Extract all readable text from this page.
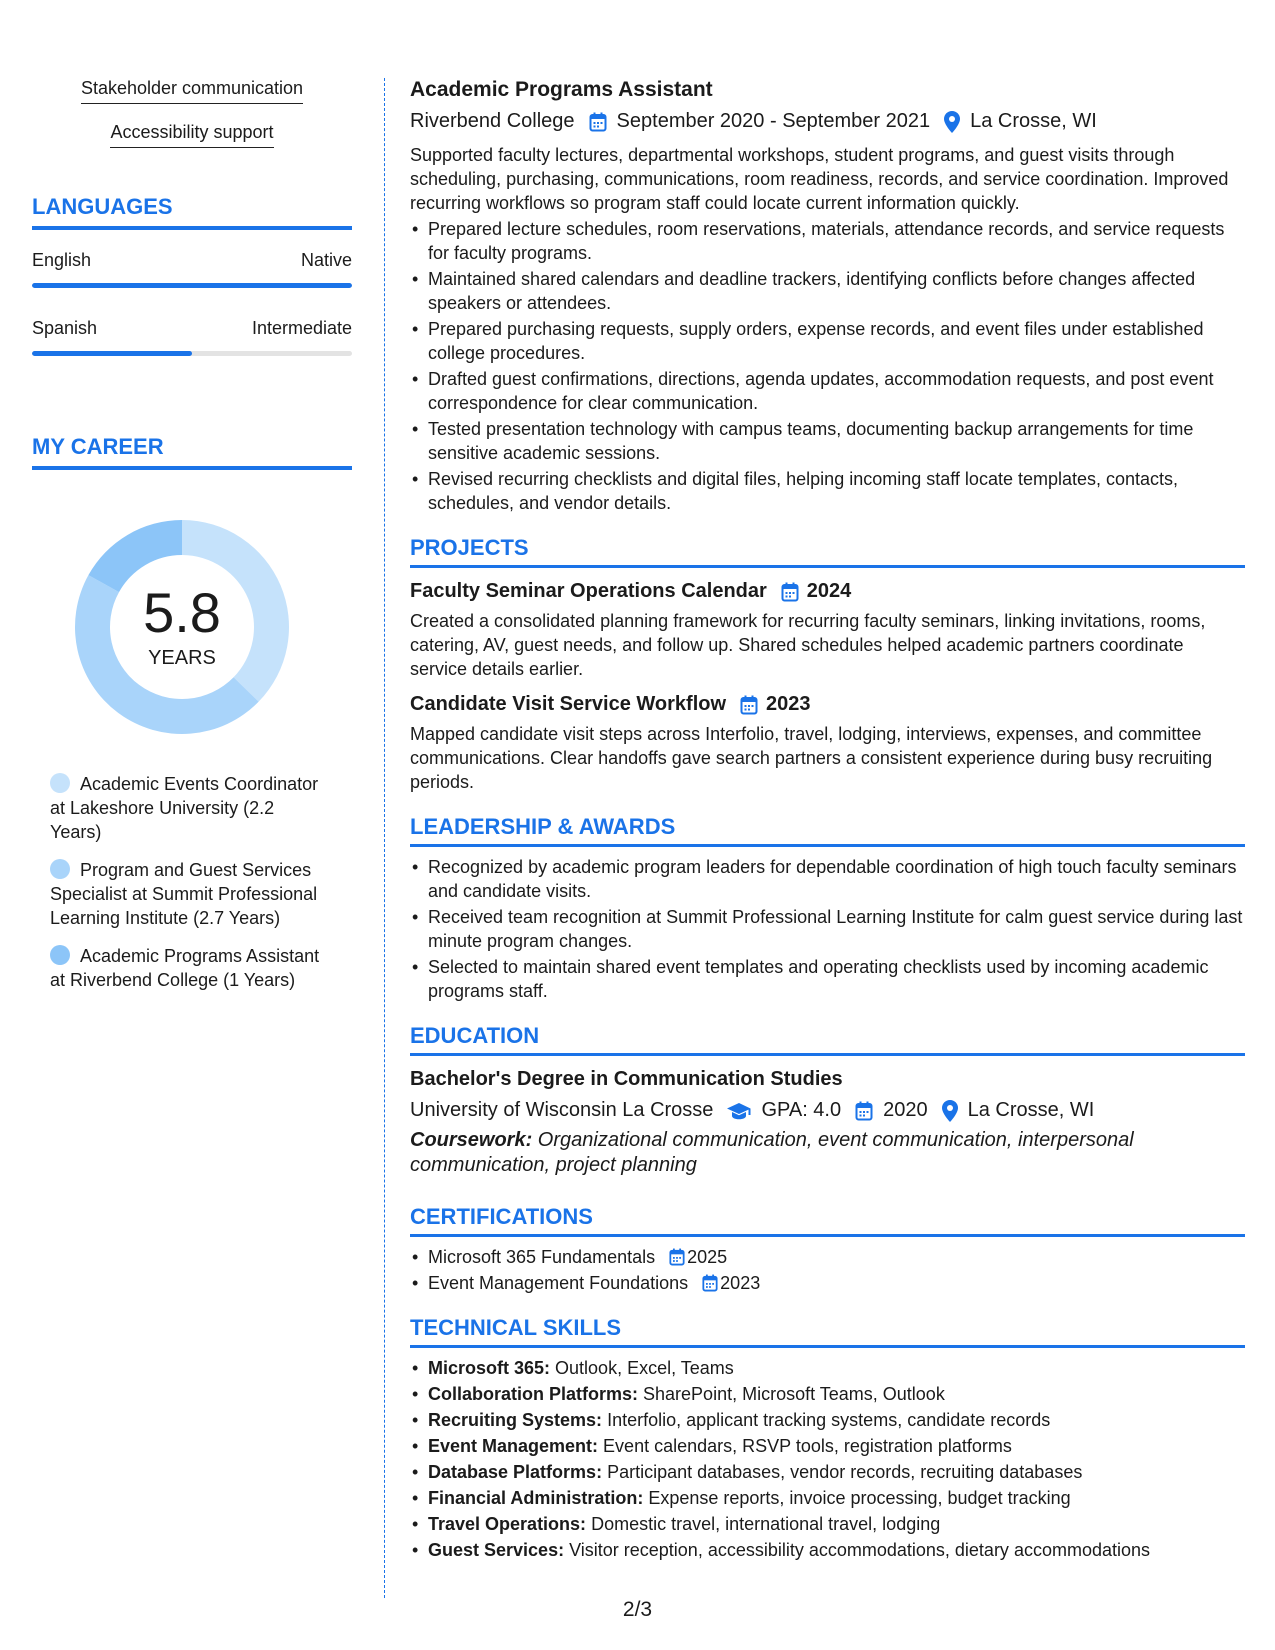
Stakeholder communication
Accessibility support
LANGUAGES
English	Native
Spanish	Intermediate
MY CAREER
5.8
YEARS
Academic Events Coordinator at Lakeshore University (2.2 Years)
Program and Guest Services Specialist at Summit Professional Learning Institute (2.7 Years)
Academic Programs Assistant at Riverbend College (1 Years)
Academic Programs Assistant
Riverbend College September 2020 - September 2021 La Crosse, WI
Supported faculty lectures, departmental workshops, student programs, and guest visits through scheduling, purchasing, communications, room readiness, records, and service coordination. Improved recurring workflows so program staff could locate current information quickly.
• Prepared lecture schedules, room reservations, materials, attendance records, and service requests for faculty programs.
• Maintained shared calendars and deadline trackers, identifying conflicts before changes affected speakers or attendees.
• Prepared purchasing requests, supply orders, expense records, and event files under established college procedures.
• Drafted guest confirmations, directions, agenda updates, accommodation requests, and post event correspondence for clear communication.
• Tested presentation technology with campus teams, documenting backup arrangements for time sensitive academic sessions.
• Revised recurring checklists and digital files, helping incoming staff locate templates, contacts, schedules, and vendor details.
PROJECTS
Faculty Seminar Operations Calendar 2024
Created a consolidated planning framework for recurring faculty seminars, linking invitations, rooms, catering, AV, guest needs, and follow up. Shared schedules helped academic partners coordinate service details earlier.
Candidate Visit Service Workflow 2023
Mapped candidate visit steps across Interfolio, travel, lodging, interviews, expenses, and committee communications. Clear handoffs gave search partners a consistent experience during busy recruiting periods.
LEADERSHIP & AWARDS
• Recognized by academic program leaders for dependable coordination of high touch faculty seminars and candidate visits.
• Received team recognition at Summit Professional Learning Institute for calm guest service during last minute program changes.
• Selected to maintain shared event templates and operating checklists used by incoming academic programs staff.
EDUCATION
Bachelor's Degree in Communication Studies
University of Wisconsin La Crosse GPA: 4.0 2020 La Crosse, WI
Coursework: Organizational communication, event communication, interpersonal communication, project planning
CERTIFICATIONS
• Microsoft 365 Fundamentals 2025
• Event Management Foundations 2023
TECHNICAL SKILLS
• Microsoft 365: Outlook, Excel, Teams
• Collaboration Platforms: SharePoint, Microsoft Teams, Outlook
• Recruiting Systems: Interfolio, applicant tracking systems, candidate records
• Event Management: Event calendars, RSVP tools, registration platforms
• Database Platforms: Participant databases, vendor records, recruiting databases
• Financial Administration: Expense reports, invoice processing, budget tracking
• Travel Operations: Domestic travel, international travel, lodging
• Guest Services: Visitor reception, accessibility accommodations, dietary accommodations
2/3
